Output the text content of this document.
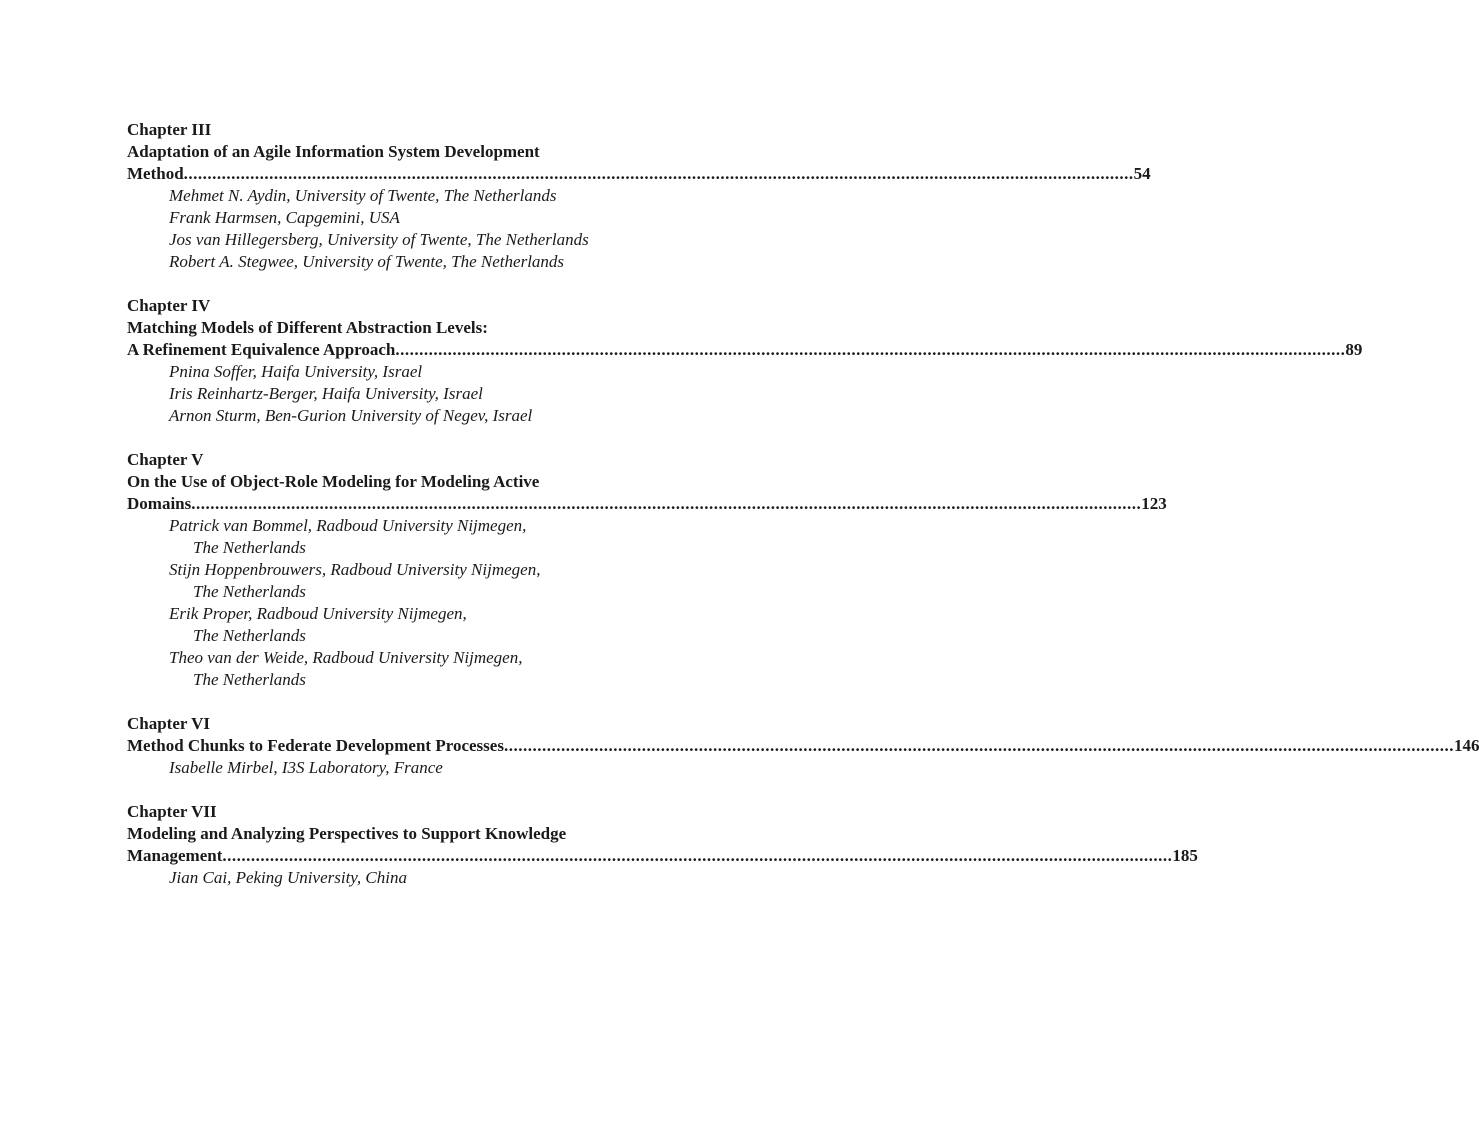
Chapter III
Adaptation of an Agile Information System Development
Method ........................................................................................................................................................................................................ 54
Mehmet N. Aydin, University of Twente, The Netherlands
Frank Harmsen, Capgemini, USA
Jos van Hillegersberg, University of Twente, The Netherlands
Robert A. Stegwee, University of Twente, The Netherlands
Chapter IV
Matching Models of Different Abstraction Levels:
A Refinement Equivalence Approach ........................................................................................................................................................................................................ 89
Pnina Soffer, Haifa University, Israel
Iris Reinhartz-Berger, Haifa University, Israel
Arnon Sturm, Ben-Gurion University of Negev, Israel
Chapter V
On the Use of Object-Role Modeling for Modeling Active
Domains ........................................................................................................................................................................................................ 123
Patrick van Bommel, Radboud University Nijmegen,
The Netherlands
Stijn Hoppenbrouwers, Radboud University Nijmegen,
The Netherlands
Erik Proper, Radboud University Nijmegen,
The Netherlands
Theo van der Weide, Radboud University Nijmegen,
The Netherlands
Chapter VI
Method Chunks to Federate Development Processes ........................................................................................................................................................................................................ 146
Isabelle Mirbel, I3S Laboratory, France
Chapter VII
Modeling and Analyzing Perspectives to Support Knowledge
Management ........................................................................................................................................................................................................ 185
Jian Cai, Peking University, China
